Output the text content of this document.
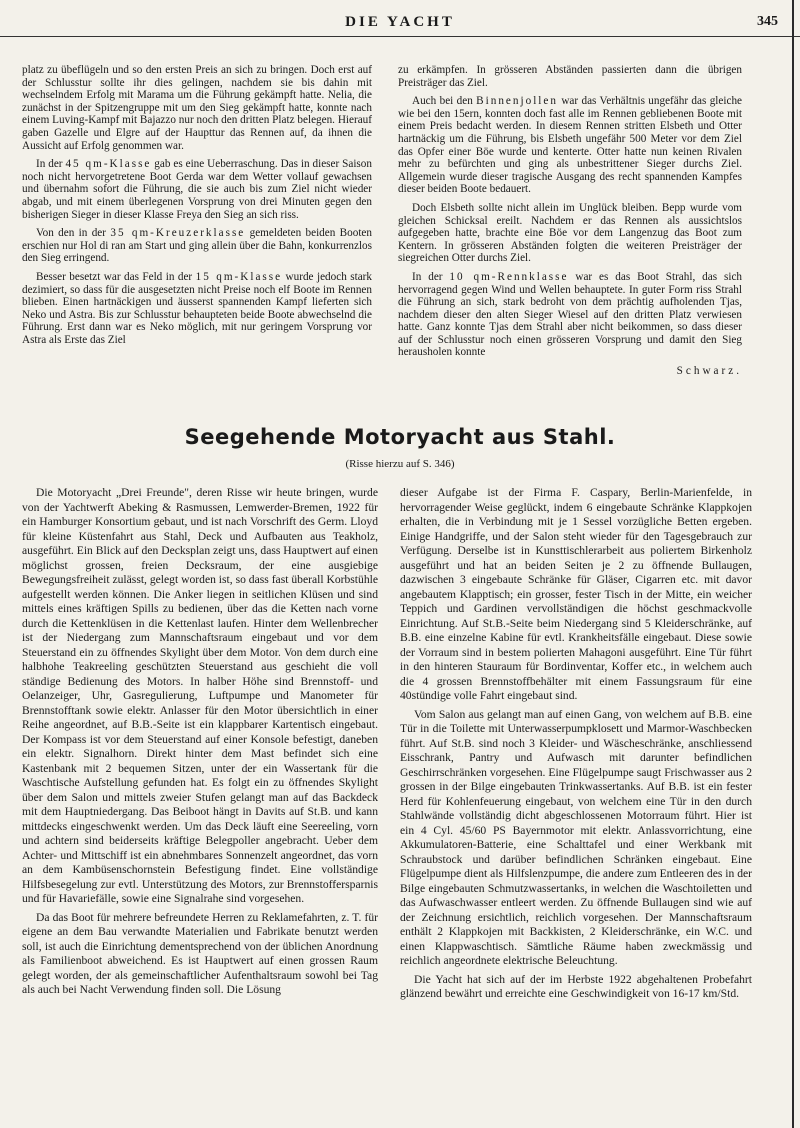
DIE YACHT	345

platz zu übeflügeln und so den ersten Preis an sich zu bringen. Doch erst auf der Schlusstur sollte ihr dies gelingen, nachdem sie bis dahin mit wechselndem Erfolg mit Marama um die Führung gekämpft hatte. Nelia, die zunächst in der Spitzengruppe mit um den Sieg gekämpft hatte, konnte nach einem Luving-Kampf mit Bajazzo nur noch den dritten Platz belegen. Hierauf gaben Gazelle und Elgre auf der Haupttur das Rennen auf, da ihnen die Aussicht auf Erfolg genommen war.

In der 45 qm-Klasse gab es eine Ueberraschung. Das in dieser Saison noch nicht hervorgetretene Boot Gerda war dem Wetter vollauf gewachsen und übernahm sofort die Führung, die sie auch bis zum Ziel nicht wieder abgab, und mit einem überlegenen Vorsprung von drei Minuten gegen den bisherigen Sieger in dieser Klasse Freya den Sieg an sich riss.

Von den in der 35 qm-Kreuzerklasse gemeldeten beiden Booten erschien nur Hol di ran am Start und ging allein über die Bahn, konkurrenzlos den Sieg erringend.

Besser besetzt war das Feld in der 15 qm-Klasse wurde jedoch stark dezimiert, so dass für die ausgesetzten nicht Preise noch elf Boote im Rennen blieben. Einen hartnäckigen und äusserst spannenden Kampf lieferten sich Neko und Astra. Bis zur Schlusstur behaupteten beide Boote abwechselnd die Führung. Erst dann war es Neko möglich, mit nur geringem Vorsprung vor Astra als Erste das Ziel

zu erkämpfen. In grösseren Abständen passierten dann die übrigen Preisträger das Ziel.

Auch bei den Binnenjollen war das Verhältnis ungefähr das gleiche wie bei den 15ern, konnten doch fast alle im Rennen gebliebenen Boote mit einem Preis bedacht werden. In diesem Rennen stritten Elsbeth und Otter hartnäckig um die Führung, bis Elsbeth ungefähr 500 Meter vor dem Ziel das Opfer einer Böe wurde und kenterte. Otter hatte nun keinen Rivalen mehr zu befürchten und ging als unbestrittener Sieger durchs Ziel. Allgemein wurde dieser tragische Ausgang des recht spannenden Kampfes dieser beiden Boote bedauert.

Doch Elsbeth sollte nicht allein im Unglück bleiben. Bepp wurde vom gleichen Schicksal ereilt. Nachdem er das Rennen als aussichtslos aufgegeben hatte, brachte eine Böe vor dem Langenzug das Boot zum Kentern. In grösseren Abständen folgten die weiteren Preisträger der siegreichen Otter durchs Ziel.

In der 10 qm-Rennklasse war es das Boot Strahl, das sich hervorragend gegen Wind und Wellen behauptete. In guter Form riss Strahl die Führung an sich, stark bedroht von dem prächtig aufholenden Tjas, nachdem dieser den alten Sieger Wiesel auf den dritten Platz verwiesen hatte. Ganz konnte Tjas dem Strahl aber nicht beikommen, so dass dieser auf der Schlusstur noch einen grösseren Vorsprung und damit den Sieg herausholen konnte

Schwarz.
Seegehende Motoryacht aus Stahl.
(Risse hierzu auf S. 346)

Die Motoryacht „Drei Freunde", deren Risse wir heute bringen, wurde von der Yachtwerft Abeking & Rasmussen, Lemwerder-Bremen, 1922 für ein Hamburger Konsortium gebaut, und ist nach Vorschrift des Germ. Lloyd für kleine Küstenfahrt aus Stahl, Deck und Aufbauten aus Teakholz, ausgeführt. Ein Blick auf den Decksplan zeigt uns, dass Hauptwert auf einen möglichst grossen, freien Decksraum, der eine ausgiebige Bewegungsfreiheit zulässt, gelegt worden ist, so dass fast überall Korbstühle aufgestellt werden können. Die Anker liegen in seitlichen Klüsen und sind mittels eines kräftigen Spills zu bedienen, über das die Ketten nach vorne durch die Kettenklüsen in die Kettenlast laufen. Hinter dem Wellenbrecher ist der Niedergang zum Mannschaftsraum eingebaut und vor dem Steuerstand ein zu öffnendes Skylight über dem Motor. Von dem durch eine halbhohe Teakreeling geschützten Steuerstand aus geschieht die voll ständige Bedienung des Motors. In halber Höhe sind Brennstoff- und Oelanzeiger, Uhr, Gasregulierung, Luftpumpe und Manometer für Brennstofftank sowie elektr. Anlasser für den Motor übersichtlich in einer Reihe angeordnet, auf B.B.-Seite ist ein klappbarer Kartentisch eingebaut. Der Kompass ist vor dem Steuerstand auf einer Konsole befestigt, daneben ein elektr. Signalhorn. Direkt hinter dem Mast befindet sich eine Kastenbank mit 2 bequemen Sitzen, unter der ein Wassertank für die Waschtische Aufstellung gefunden hat. Es folgt ein zu öffnendes Skylight über dem Salon und mittels zweier Stufen gelangt man auf das Backdeck mit dem Hauptniedergang. Das Beiboot hängt in Davits auf St.B. und kann mittdecks eingeschwenkt werden. Um das Deck läuft eine Seereeling, vorn und achtern sind beiderseits kräftige Belegpoller angebracht. Ueber dem Achter- und Mittschiff ist ein abnehmbares Sonnenzelt angeordnet, das vorn an dem Kambüsenschornstein Befestigung findet. Eine vollständige Hilfsbesegelung zur evtl. Unterstützung des Motors, zur Brennstoffersparnis und für Havariefälle, sowie eine Signalrahe sind vorgesehen.

Da das Boot für mehrere befreundete Herren zu Reklamefahrten, z. T. für eigene an dem Bau verwandte Materialien und Fabrikate benutzt werden soll, ist auch die Einrichtung dementsprechend von der üblichen Anordnung als Familienboot abweichend. Es ist Hauptwert auf einen grossen Raum gelegt worden, der als gemeinschaftlicher Aufenthaltsraum sowohl bei Tag als auch bei Nacht Verwendung finden soll. Die Lösung

dieser Aufgabe ist der Firma F. Caspary, Berlin-Marienfelde, in hervorragender Weise geglückt, indem 6 eingebaute Schränke Klappkojen erhalten, die in Verbindung mit je 1 Sessel vorzügliche Betten ergeben. Einige Handgriffe, und der Salon steht wieder für den Tagesgebrauch zur Verfügung. Derselbe ist in Kunsttischlerarbeit aus poliertem Birkenholz ausgeführt und hat an beiden Seiten je 2 zu öffnende Bullaugen, dazwischen 3 eingebaute Schränke für Gläser, Cigarren etc. mit davor angebautem Klapptisch; ein grosser, fester Tisch in der Mitte, ein weicher Teppich und Gardinen vervollständigen die höchst geschmackvolle Einrichtung. Auf St.B.-Seite beim Niedergang sind 5 Kleiderschränke, auf B.B. eine einzelne Kabine für evtl. Krankheitsfälle eingebaut. Diese sowie der Vorraum sind in bestem polierten Mahagoni ausgeführt. Eine Tür führt in den hinteren Stauraum für Bordinventar, Koffer etc., in welchem auch die 4 grossen Brennstoffbehälter mit einem Fassungsraum für eine 40stündige volle Fahrt eingebaut sind.

Vom Salon aus gelangt man auf einen Gang, von welchem auf B.B. eine Tür in die Toilette mit Unterwasserpumpklosett und Marmor-Waschbecken führt. Auf St.B. sind noch 3 Kleider- und Wäscheschränke, anschliessend Eisschrank, Pantry und Aufwasch mit darunter befindlichen Geschirrschränken vorgesehen. Eine Flügelpumpe saugt Frischwasser aus 2 grossen in der Bilge eingebauten Trinkwassertanks. Auf B.B. ist ein fester Herd für Kohlenfeuerung eingebaut, von welchem eine Tür in den durch Stahlwände vollständig dicht abgeschlossenen Motorraum führt. Hier ist ein 4 Cyl. 45/60 PS Bayernmotor mit elektr. Anlassvorrichtung, eine Akkumulatoren-Batterie, eine Schalttafel und einer Werkbank mit Schraubstock und darüber befindlichen Schränken eingebaut. Eine Flügelpumpe dient als Hilfslenzpumpe, die andere zum Entleeren des in der Bilge eingebauten Schmutzwassertanks, in welchen die Waschtoiletten und das Aufwaschwasser entleert werden. Zu öffnende Bullaugen sind wie auf der Zeichnung ersichtlich, reichlich vorgesehen. Der Mannschaftsraum enthält 2 Klappkojen mit Backkisten, 2 Kleiderschränke, ein W.C. und einen Klappwaschtisch. Sämtliche Räume haben zweckmässig und reichlich angeordnete elektrische Beleuchtung.

Die Yacht hat sich auf der im Herbste 1922 abgehaltenen Probefahrt glänzend bewährt und erreichte eine Geschwindigkeit von 16-17 km/Std.
